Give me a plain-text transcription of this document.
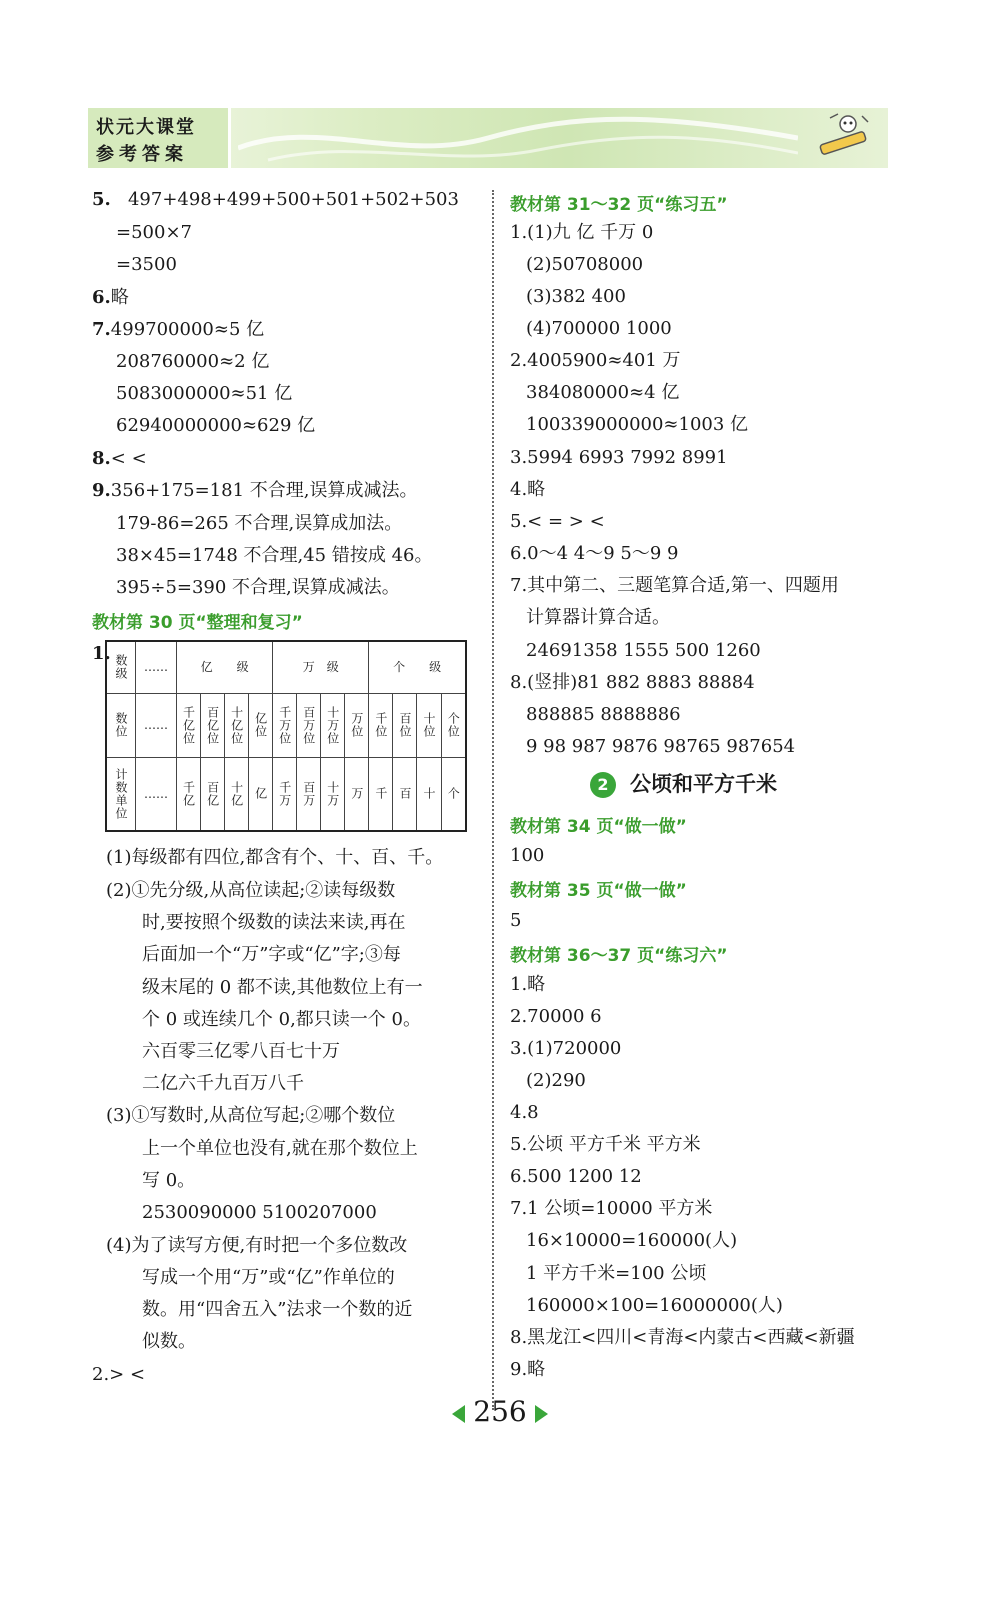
状元大课堂
参考答案
5. 497+498+499+500+501+502+503
=500×7
=3500
6.略
7.499700000≈5 亿
208760000≈2 亿
5083000000≈51 亿
62940000000≈629 亿
8.< <
9.356+175=181 不合理,误算成减法。
179-86=265 不合理,误算成加法。
38×45=1748 不合理,45 错按成 46。
395÷5=390 不合理,误算成减法。
教材第 30 页“整理和复习”
1.
数级	……	亿　　级				万　级				个　　级			

数位	……	千亿位	百亿位	十亿位	亿位	千万位	百万位	十万位	万位	千位	百位	十位	个位

计数单位	……	千亿	百亿	十亿	亿	千万	百万	十万	万	千	百	十	个
(1)每级都有四位,都含有个、十、百、千。
(2)①先分级,从高位读起;②读每级数
时,要按照个级数的读法来读,再在
后面加一个“万”字或“亿”字;③每
级末尾的 0 都不读,其他数位上有一
个 0 或连续几个 0,都只读一个 0。
六百零三亿零八百七十万
二亿六千九百万八千
(3)①写数时,从高位写起;②哪个数位
上一个单位也没有,就在那个数位上
写 0。
2530090000 5100207000
(4)为了读写方便,有时把一个多位数改
写成一个用“万”或“亿”作单位的
数。用“四舍五入”法求一个数的近
似数。
2.> <
教材第 31～32 页“练习五”
1.(1)九 亿 千万 0
(2)50708000
(3)382 400
(4)700000 1000
2.4005900≈401 万
384080000≈4 亿
100339000000≈1003 亿
3.5994 6993 7992 8991
4.略
5.< = > <
6.0～4 4～9 5～9 9
7.其中第二、三题笔算合适,第一、四题用
计算器计算合适。
24691358 1555 500 1260
8.(竖排)81 882 8883 88884
888885 8888886
9 98 987 9876 98765 987654
2 公顷和平方千米
教材第 34 页“做一做”
100
教材第 35 页“做一做”
5
教材第 36～37 页“练习六”
1.略
2.70000 6
3.(1)720000
(2)290
4.8
5.公顷 平方千米 平方米
6.500 1200 12
7.1 公顷=10000 平方米
16×10000=160000(人)
1 平方千米=100 公顷
160000×100=16000000(人)
8.黑龙江<四川<青海<内蒙古<西藏<新疆
9.略
256
